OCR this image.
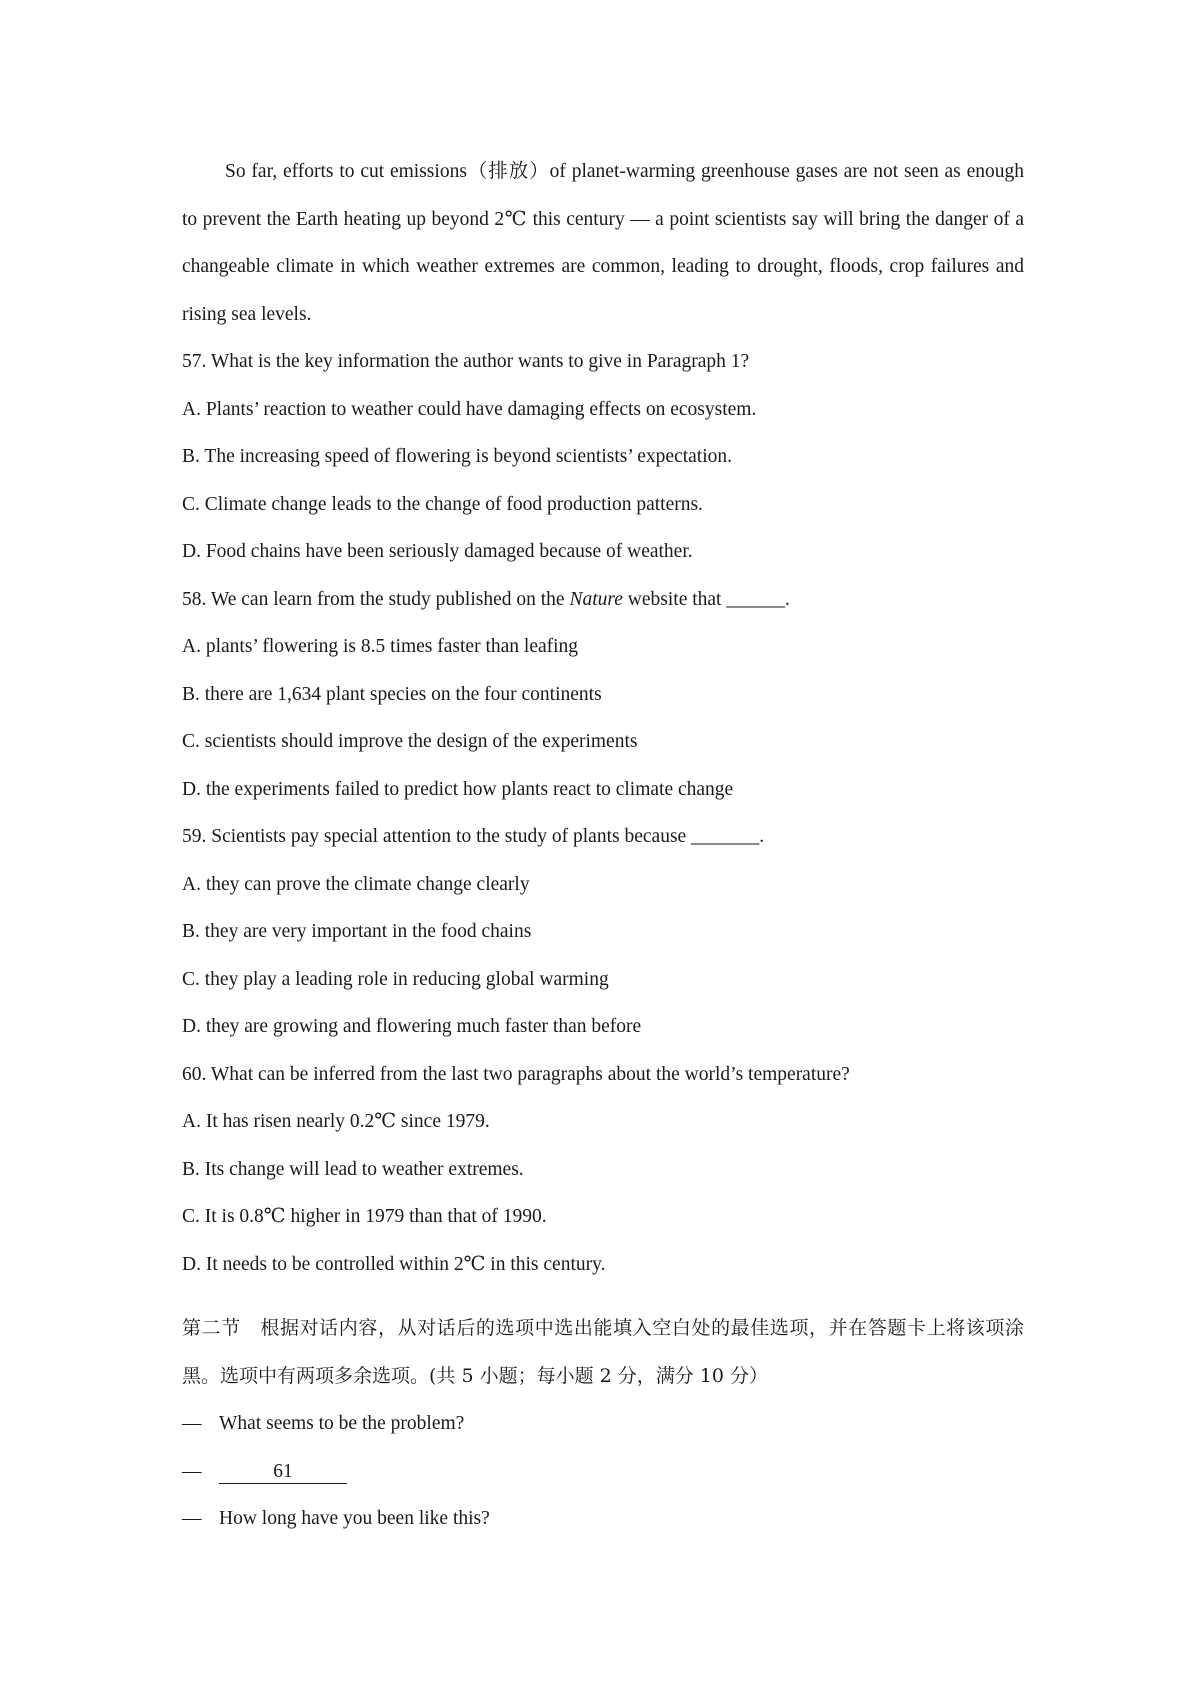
So far, efforts to cut emissions（排放）of planet-warming greenhouse gases are not seen as enough to prevent the Earth heating up beyond 2℃ this century — a point scientists say will bring the danger of a changeable climate in which weather extremes are common, leading to drought, floods, crop failures and rising sea levels.

57. What is the key information the author wants to give in Paragraph 1?
A. Plants’ reaction to weather could have damaging effects on ecosystem.
B. The increasing speed of flowering is beyond scientists’ expectation.
C. Climate change leads to the change of food production patterns.
D. Food chains have been seriously damaged because of weather.
58. We can learn from the study published on the Nature website that ______.
A. plants’ flowering is 8.5 times faster than leafing
B. there are 1,634 plant species on the four continents
C. scientists should improve the design of the experiments
D. the experiments failed to predict how plants react to climate change
59. Scientists pay special attention to the study of plants because _______.
A. they can prove the climate change clearly
B. they are very important in the food chains
C. they play a leading role in reducing global warming
D. they are growing and flowering much faster than before
60. What can be inferred from the last two paragraphs about the world’s temperature?
A. It has risen nearly 0.2℃ since 1979.
B. Its change will lead to weather extremes.
C. It is 0.8℃ higher in 1979 than that of 1990.
D. It needs to be controlled within 2℃ in this century.

第二节　根据对话内容，从对话后的选项中选出能填入空白处的最佳选项，并在答题卡上将该项涂黑。选项中有两项多余选项。(共 5 小题；每小题 2 分，满分 10 分）

— What seems to be the problem?
—	61
— How long have you been like this?
